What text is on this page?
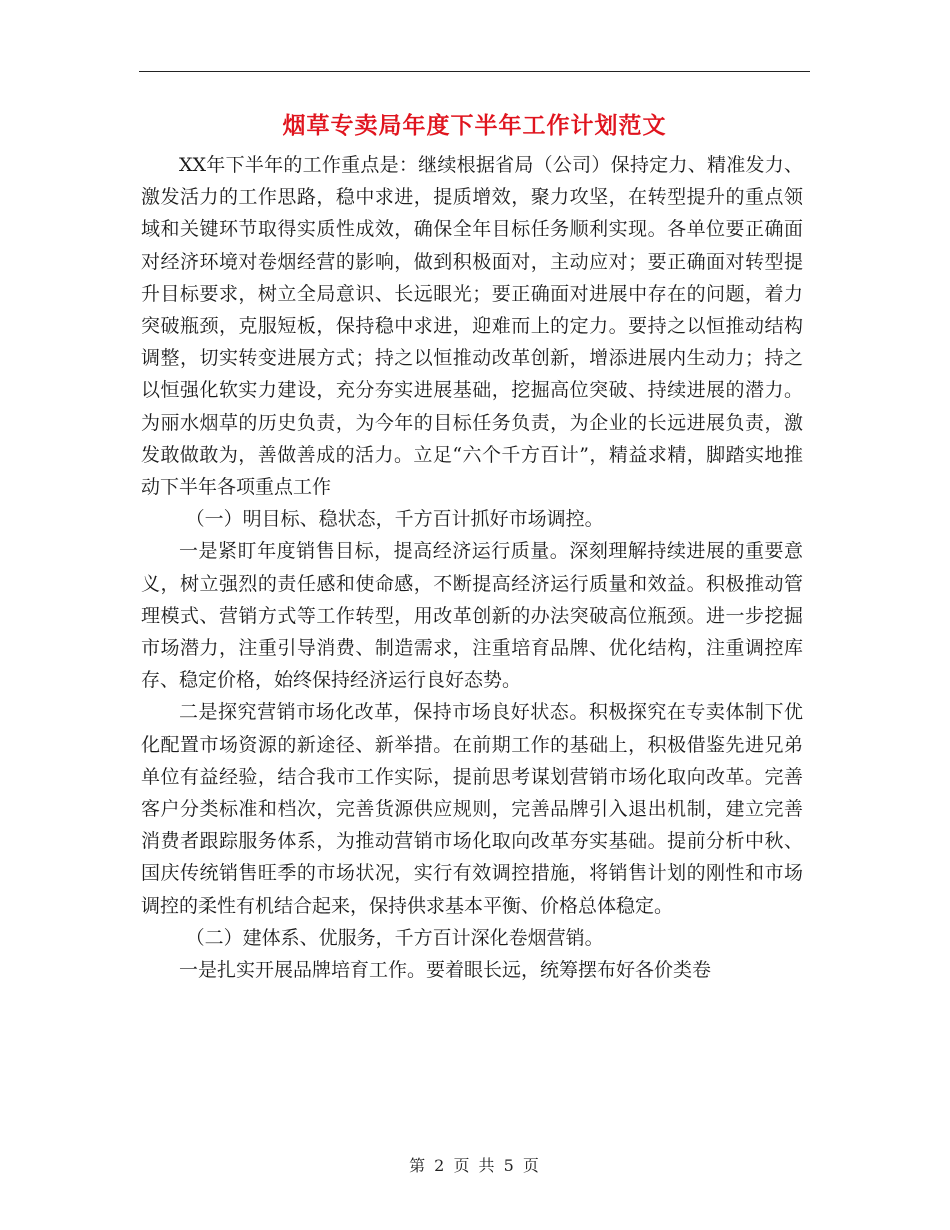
烟草专卖局年度下半年工作计划范文

XX年下半年的工作重点是：继续根据省局（公司）保持定力、精准发力、激发活力的工作思路，稳中求进，提质增效，聚力攻坚，在转型提升的重点领域和关键环节取得实质性成效，确保全年目标任务顺利实现。各单位要正确面对经济环境对卷烟经营的影响，做到积极面对，主动应对；要正确面对转型提升目标要求，树立全局意识、长远眼光；要正确面对进展中存在的问题，着力突破瓶颈，克服短板，保持稳中求进，迎难而上的定力。要持之以恒推动结构调整，切实转变进展方式；持之以恒推动改革创新，增添进展内生动力；持之以恒强化软实力建设，充分夯实进展基础，挖掘高位突破、持续进展的潜力。为丽水烟草的历史负责，为今年的目标任务负责，为企业的长远进展负责，激发敢做敢为，善做善成的活力。立足“六个千方百计”，精益求精，脚踏实地推动下半年各项重点工作

（一）明目标、稳状态，千方百计抓好市场调控。

一是紧盯年度销售目标，提高经济运行质量。深刻理解持续进展的重要意义，树立强烈的责任感和使命感，不断提高经济运行质量和效益。积极推动管理模式、营销方式等工作转型，用改革创新的办法突破高位瓶颈。进一步挖掘市场潜力，注重引导消费、制造需求，注重培育品牌、优化结构，注重调控库存、稳定价格，始终保持经济运行良好态势。

二是探究营销市场化改革，保持市场良好状态。积极探究在专卖体制下优化配置市场资源的新途径、新举措。在前期工作的基础上，积极借鉴先进兄弟单位有益经验，结合我市工作实际，提前思考谋划营销市场化取向改革。完善客户分类标准和档次，完善货源供应规则，完善品牌引入退出机制，建立完善消费者跟踪服务体系，为推动营销市场化取向改革夯实基础。提前分析中秋、国庆传统销售旺季的市场状况，实行有效调控措施，将销售计划的刚性和市场调控的柔性有机结合起来，保持供求基本平衡、价格总体稳定。

（二）建体系、优服务，千方百计深化卷烟营销。

一是扎实开展品牌培育工作。要着眼长远，统筹摆布好各价类卷

第 2 页 共 5 页
